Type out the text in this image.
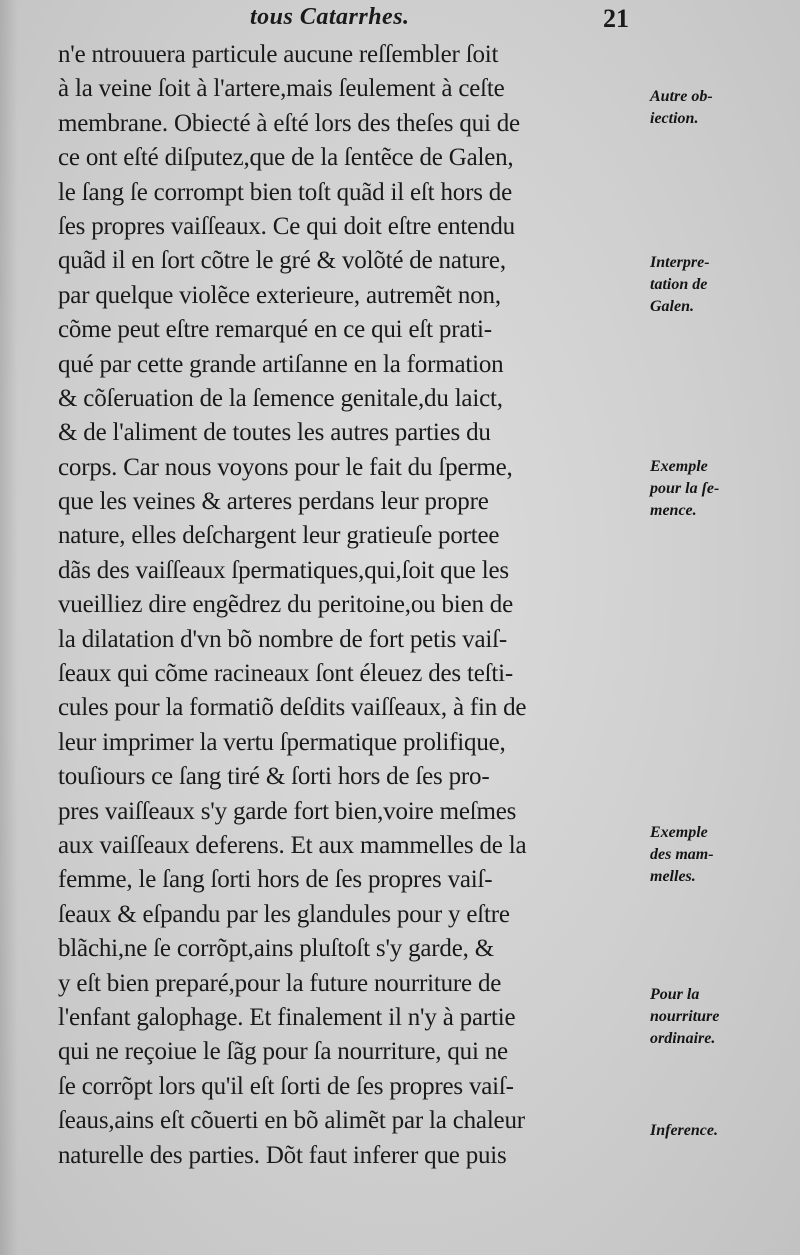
tous Catarrhes.	21
n'e ntrouuera particule aucune reſſembler ſoit
à la veine ſoit à l'artere,mais ſeulement à ceſte
membrane. Obiecté à eſté lors des theſes qui de
ce ont eſté diſputez,que de la ſentẽce de Galen,
le ſang ſe corrompt bien toſt quãd il eſt hors de
ſes propres vaiſſeaux. Ce qui doit eſtre entendu
quãd il en ſort cõtre le gré & volõté de nature,
par quelque violẽce exterieure, autremẽt non,
cõme peut eſtre remarqué en ce qui eſt prati-
qué par cette grande artiſanne en la formation
& cõſeruation de la ſemence genitale,du laict,
& de l'aliment de toutes les autres parties du
corps. Car nous voyons pour le fait du ſperme,
que les veines & arteres perdans leur propre
nature, elles deſchargent leur gratieuſe portee
dãs des vaiſſeaux ſpermatiques,qui,ſoit que les
vueilliez dire engẽdrez du peritoine,ou bien de
la dilatation d'vn bõ nombre de fort petis vaiſ-
ſeaux qui cõme racineaux ſont éleuez des teſti-
cules pour la formatiõ deſdits vaiſſeaux, à fin de
leur imprimer la vertu ſpermatique prolifique,
touſiours ce ſang tiré & ſorti hors de ſes pro-
pres vaiſſeaux s'y garde fort bien,voire meſmes
aux vaiſſeaux deferens. Et aux mammelles de la
femme, le ſang ſorti hors de ſes propres vaiſ-
ſeaux & eſpandu par les glandules pour y eſtre
blãchi,ne ſe corrõpt,ains pluſtoſt s'y garde, &
y eſt bien preparé,pour la future nourriture de
l'enfant galophage. Et finalement il n'y à partie
qui ne reçoiue le ſãg pour ſa nourriture, qui ne
ſe corrõpt lors qu'il eſt ſorti de ſes propres vaiſ-
ſeaus,ains eſt cõuerti en bõ alimẽt par la chaleur
naturelle des parties. Dõt faut inferer que puis
Autre ob-
iection.
Interpre-
tation de
Galen.
Exemple
pour la ſe-
mence.
Exemple
des mam-
melles.
Pour la
nourriture
ordinaire.
Inference.
